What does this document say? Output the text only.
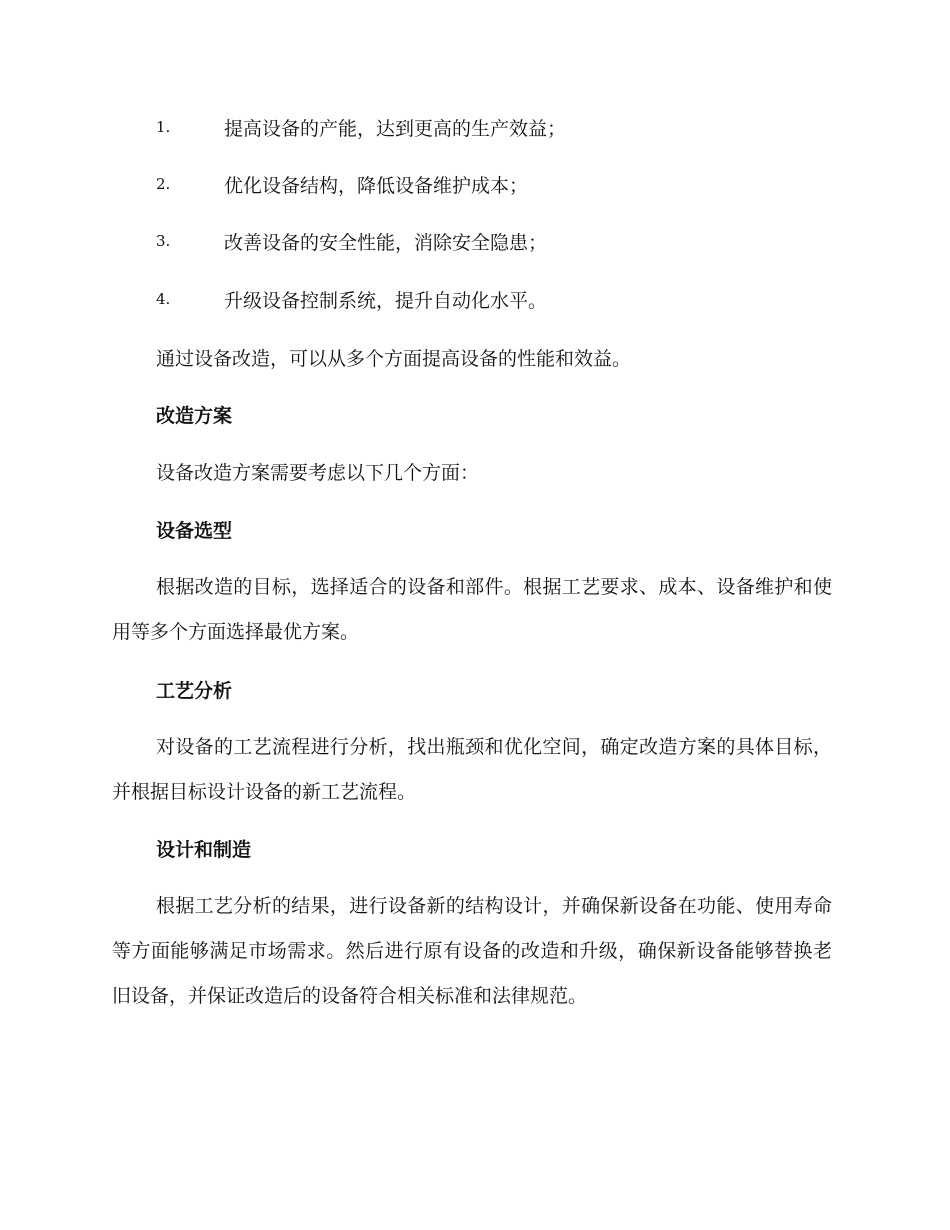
1.	提高设备的产能，达到更高的生产效益；
2.	优化设备结构，降低设备维护成本；
3.	改善设备的安全性能，消除安全隐患；
4.	升级设备控制系统，提升自动化水平。
通过设备改造，可以从多个方面提高设备的性能和效益。
改造方案
设备改造方案需要考虑以下几个方面：
设备选型

根据改造的目标，选择适合的设备和部件。根据工艺要求、成本、设备维护和使用等多个方面选择最优方案。

工艺分析

对设备的工艺流程进行分析，找出瓶颈和优化空间，确定改造方案的具体目标，并根据目标设计设备的新工艺流程。

设计和制造

根据工艺分析的结果，进行设备新的结构设计，并确保新设备在功能、使用寿命等方面能够满足市场需求。然后进行原有设备的改造和升级，确保新设备能够替换老旧设备，并保证改造后的设备符合相关标准和法律规范。
